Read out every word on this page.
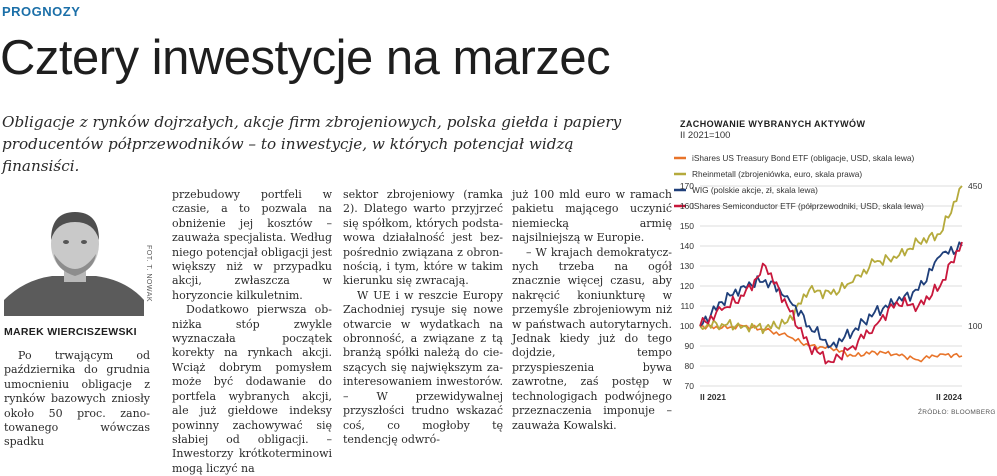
PROGNOZY
Cztery inwestycje na marzec
Obligacje z rynków dojrzałych, akcje firm zbrojeniowych, polska giełda i papiery producentów półprzewodników – to inwestycje, w których potencjał widzą finansiści.
FOT. T. NOWAK
MAREK WIERCISZEWSKI

Po trwającym od października do grudnia umocnieniu obligacje z rynków bazowych zniosły około 50 proc. zanotowanego wówczas spadku

przebudowy portfeli w czasie, a to pozwala na obniżenie jej kosztów – zauważa specjalista. Według niego potencjał obligacji jest większy niż w przypadku akcji, zwłaszcza w horyzoncie kilkuletnim.

Dodatkowo pierwsza obniżka stóp zwykle wyznaczała początek korekty na rynkach akcji. Wciąż dobrym pomysłem może być dodawanie do portfela wybranych akcji, ale już giełdowe indeksy powinny zachowywać się słabiej od obligacji. – Inwestorzy krótkoterminowi mogą liczyć na

sektor zbrojeniowy (ramka 2). Dlatego warto przyjrzeć się spółkom, których podstawowa działalność jest bezpośrednio związana z obronnością, i tym, które w takim kierunku się zwracają.

W UE i w reszcie Europy Zachodniej rysuje się nowe otwarcie w wydatkach na obronność, a związane z tą branżą spółki należą do cieszących się największym zainteresowaniem inwestorów. – W przewidywalnej przyszłości trudno wskazać coś, co mogłoby tę tendencję odwró-

już 100 mld euro w ramach pakietu mającego uczynić niemiecką armię najsilniejszą w Europie.

– W krajach demokratycznych trzeba na ogół znacznie więcej czasu, aby nakręcić koniunkturę w przemyśle zbrojeniowym niż w państwach autorytarnych. Jednak kiedy już do tego dojdzie, tempo przyspieszenia bywa zawrotne, zaś postęp w technologigach podwójnego przeznaczenia imponuje – zauważa Kowalski.

ZACHOWANIE WYBRANYCH AKTYWÓW
II 2021=100
iShares US Treasury Bond ETF (obligacje, USD, skala lewa)
Rheinmetall (zbrojeniówka, euro, skala prawa)
WIG (polskie akcje, zł, skala lewa)
iShares Semiconductor ETF (półprzewodniki, USD, skala lewa)
70
80
90
100
110
120
130
140
150
160
170
100
450
II 2021	II 2024
ŹRÓDŁO: BLOOMBERG
